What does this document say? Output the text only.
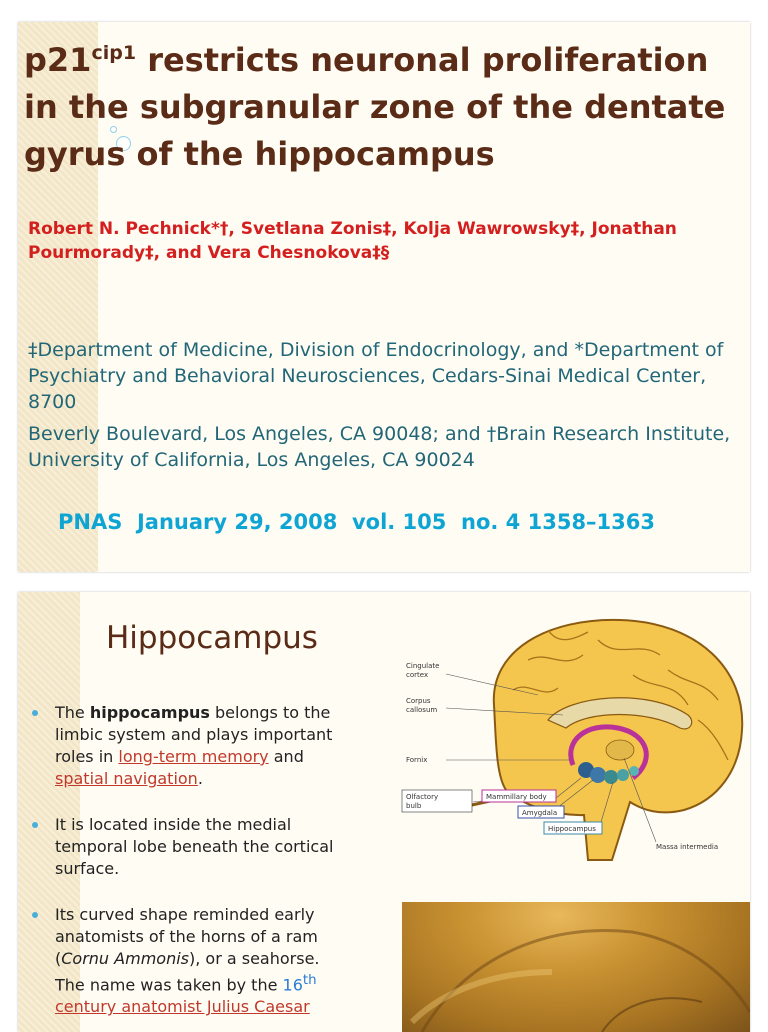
$p21^{cip1}$ restricts neuronal proliferation in the subgranular zone of the dentate gyrus of the hippocampus
Robert N. Pechnick*†, Svetlana Zonis‡, Kolja Wawrowsky‡, Jonathan Pourmorady‡, and Vera Chesnokova‡§

‡Department of Medicine, Division of Endocrinology, and *Department of Psychiatry and Behavioral Neurosciences, Cedars-Sinai Medical Center, 8700

Beverly Boulevard, Los Angeles, CA 90048; and †Brain Research Institute, University of California, Los Angeles, CA 90024

PNAS  January 29, 2008  vol. 105  no. 4 1358–1363
Hippocampus
The hippocampus belongs to the limbic system and plays important roles in long-term memory and spatial navigation.
It is located inside the medial temporal lobe beneath the cortical surface.
Its curved shape reminded early anatomists of the horns of a ram (Cornu Ammonis), or a seahorse. The name was taken by the 16th century anatomist Julius Caesar
Cingulate
cortex
Corpus
callosum
Fornix
Olfactory
bulb
Mammillary body
Amygdala
Hippocampus
Massa intermedia
